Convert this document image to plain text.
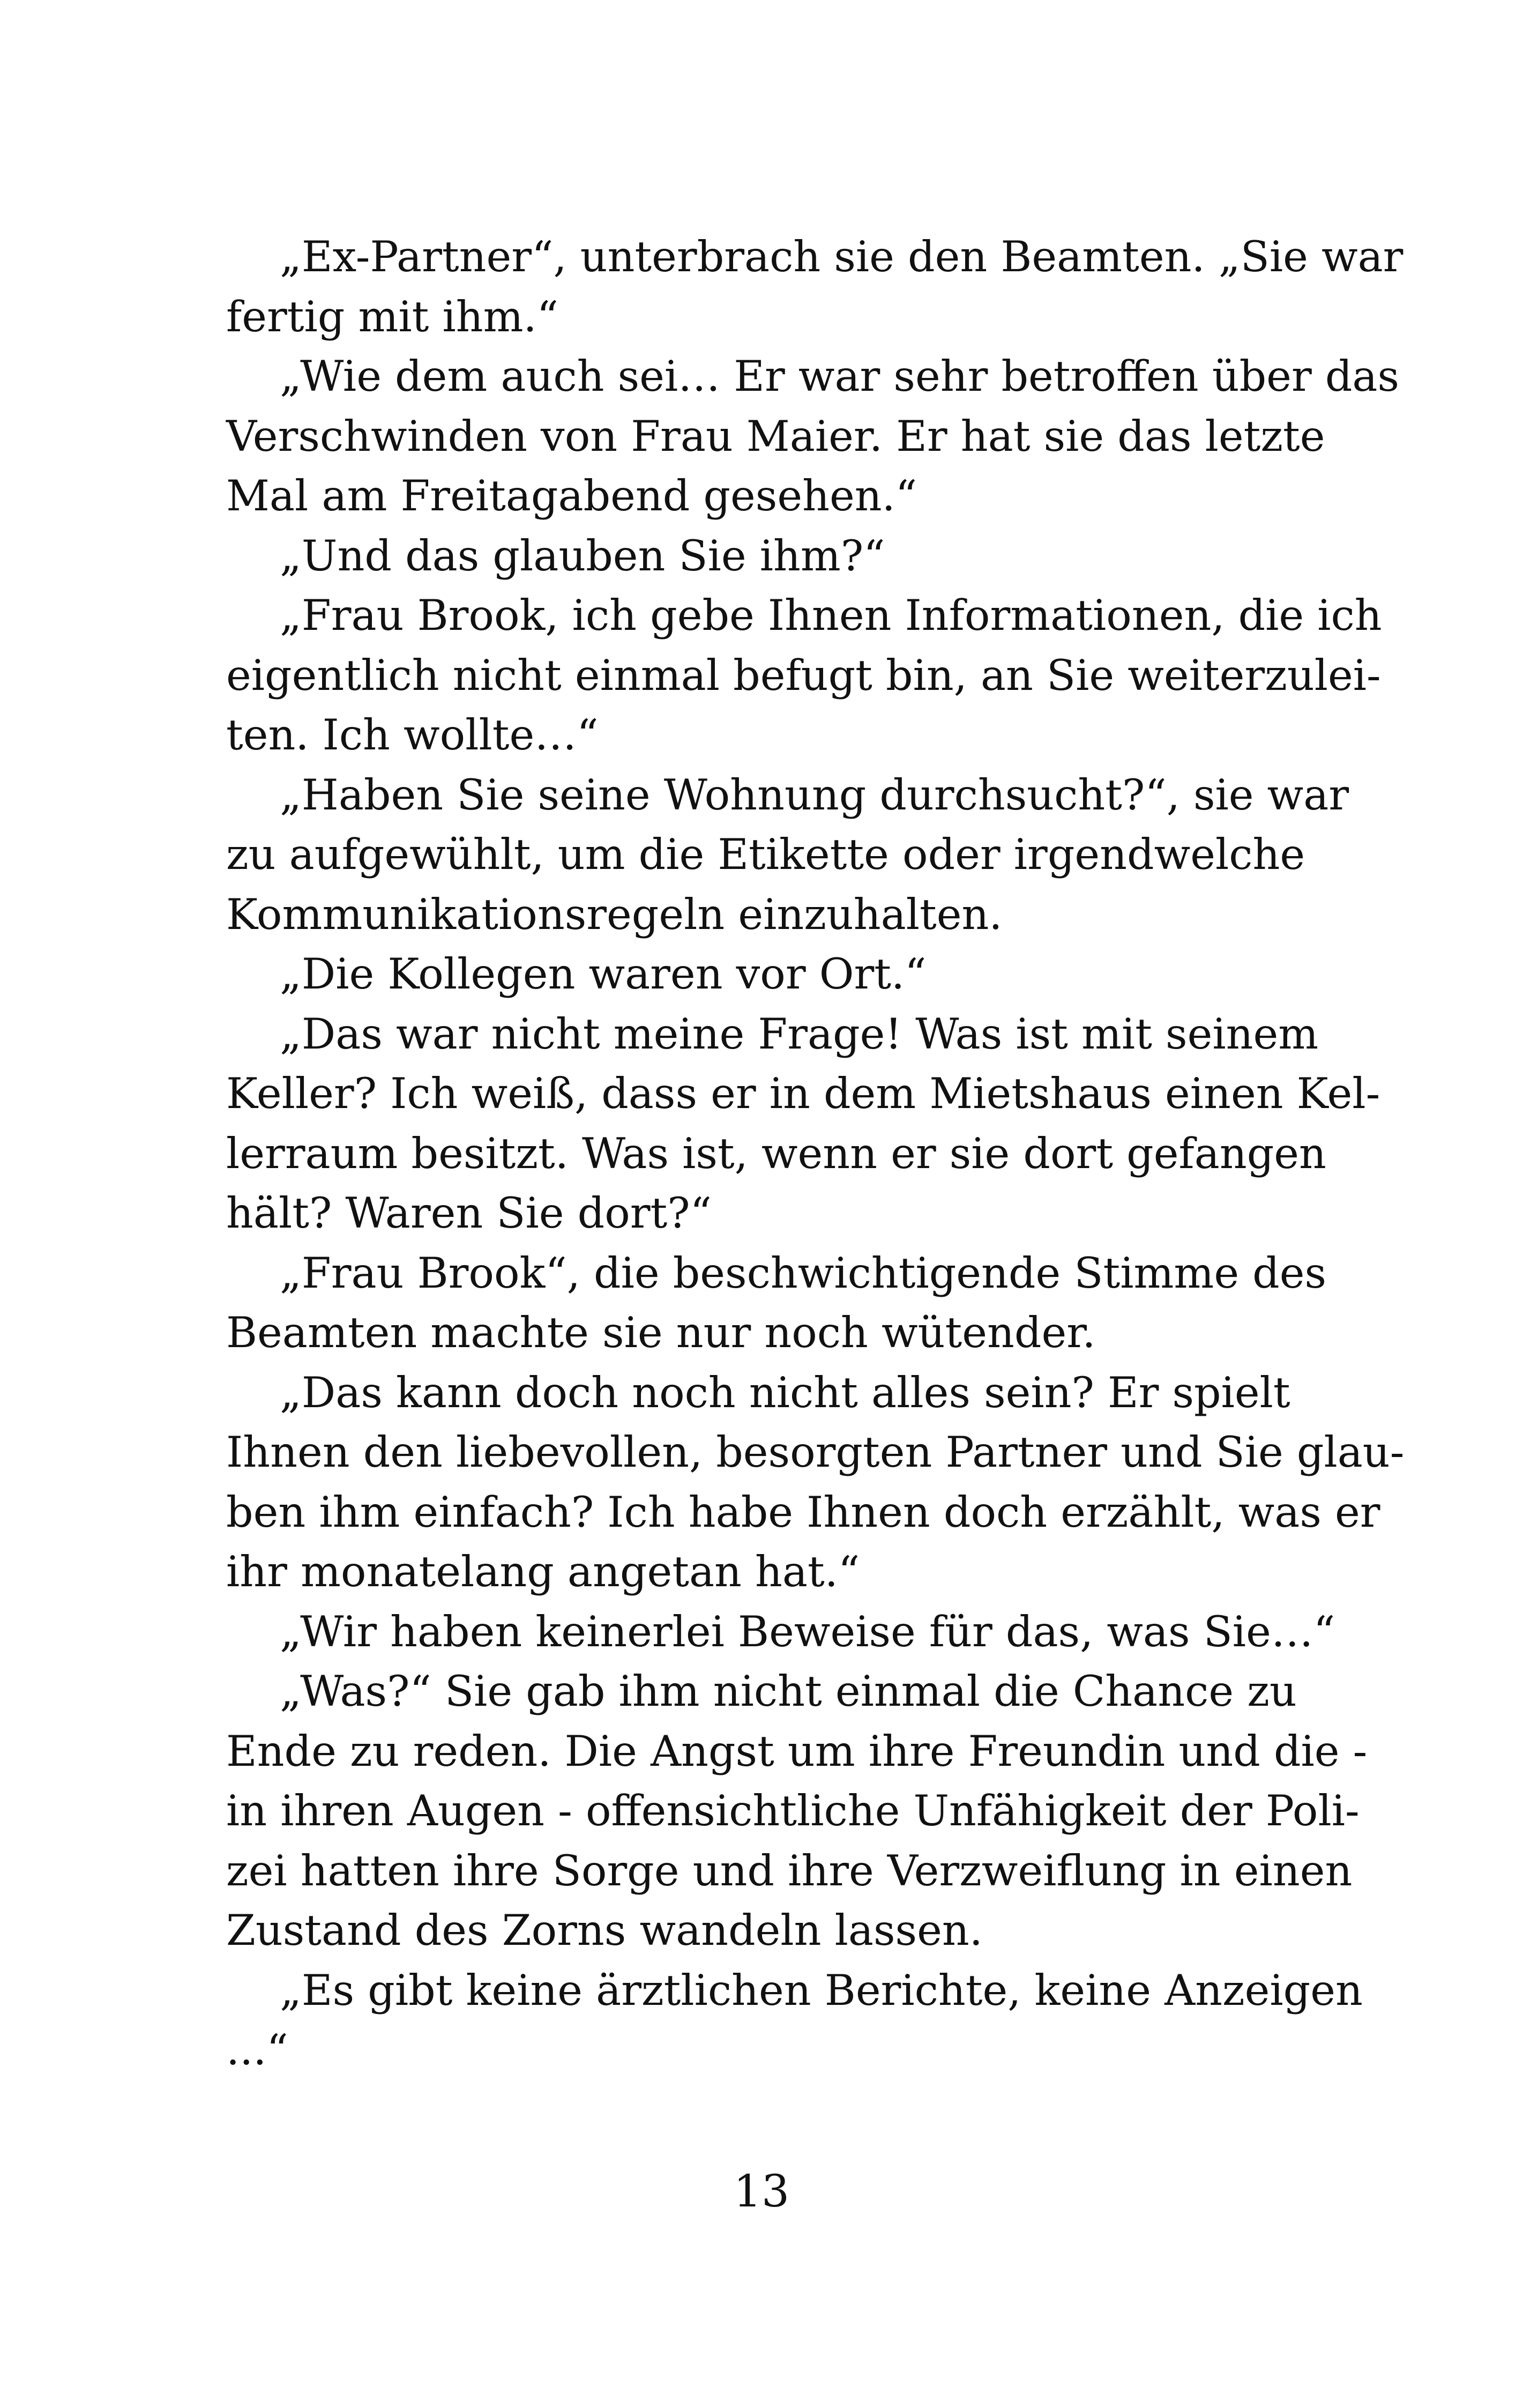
„Ex-Partner“, unterbrach sie den Beamten. „Sie war
fertig mit ihm.“
„Wie dem auch sei… Er war sehr betroffen über das
Verschwinden von Frau Maier. Er hat sie das letzte
Mal am Freitagabend gesehen.“
„Und das glauben Sie ihm?“
„Frau Brook, ich gebe Ihnen Informationen, die ich
eigentlich nicht einmal befugt bin, an Sie weiterzulei-
ten. Ich wollte…“
„Haben Sie seine Wohnung durchsucht?“, sie war
zu aufgewühlt, um die Etikette oder irgendwelche
Kommunikationsregeln einzuhalten.
„Die Kollegen waren vor Ort.“
„Das war nicht meine Frage! Was ist mit seinem
Keller? Ich weiß, dass er in dem Mietshaus einen Kel-
lerraum besitzt. Was ist, wenn er sie dort gefangen
hält? Waren Sie dort?“
„Frau Brook“, die beschwichtigende Stimme des
Beamten machte sie nur noch wütender.
„Das kann doch noch nicht alles sein? Er spielt
Ihnen den liebevollen, besorgten Partner und Sie glau-
ben ihm einfach? Ich habe Ihnen doch erzählt, was er
ihr monatelang angetan hat.“
„Wir haben keinerlei Beweise für das, was Sie…“
„Was?“ Sie gab ihm nicht einmal die Chance zu
Ende zu reden. Die Angst um ihre Freundin und die -
in ihren Augen - offensichtliche Unfähigkeit der Poli-
zei hatten ihre Sorge und ihre Verzweiflung in einen
Zustand des Zorns wandeln lassen.
„Es gibt keine ärztlichen Berichte, keine Anzeigen
...“
13
